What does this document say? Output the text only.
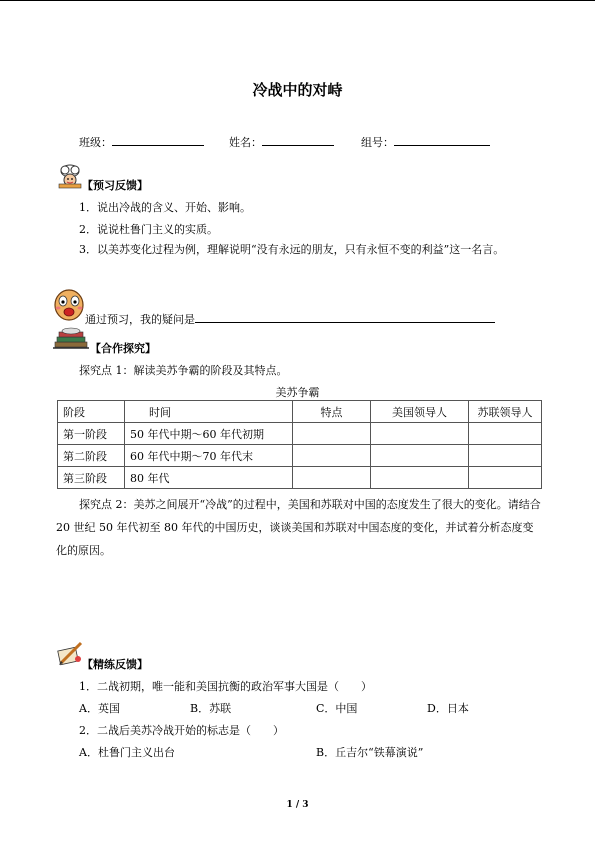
冷战中的对峙
班级：	姓名：	组号：
【预习反馈】
1．说出冷战的含义、开始、影响。
2．说说杜鲁门主义的实质。
3．以美苏变化过程为例，理解说明“没有永远的朋友，只有永恒不变的利益”这一名言。
通过预习，我的疑问是
【合作探究】
探究点 1：解读美苏争霸的阶段及其特点。
美苏争霸
阶段	时间	特点	美国领导人	苏联领导人
第一阶段	50 年代中期～60 年代初期			
第二阶段	60 年代中期～70 年代末			
第三阶段	80 年代			
探究点 2：美苏之间展开“冷战”的过程中，美国和苏联对中国的态度发生了很大的变化。请结合 20 世纪 50 年代初至 80 年代的中国历史，谈谈美国和苏联对中国态度的变化，并试着分析态度变化的原因。
【精练反馈】
1．二战初期，唯一能和美国抗衡的政治军事大国是（　　）
A．英国	B．苏联	C．中国	D．日本
2．二战后美苏冷战开始的标志是（　　）
A．杜鲁门主义出台	B．丘吉尔“铁幕演说”
1 / 3
